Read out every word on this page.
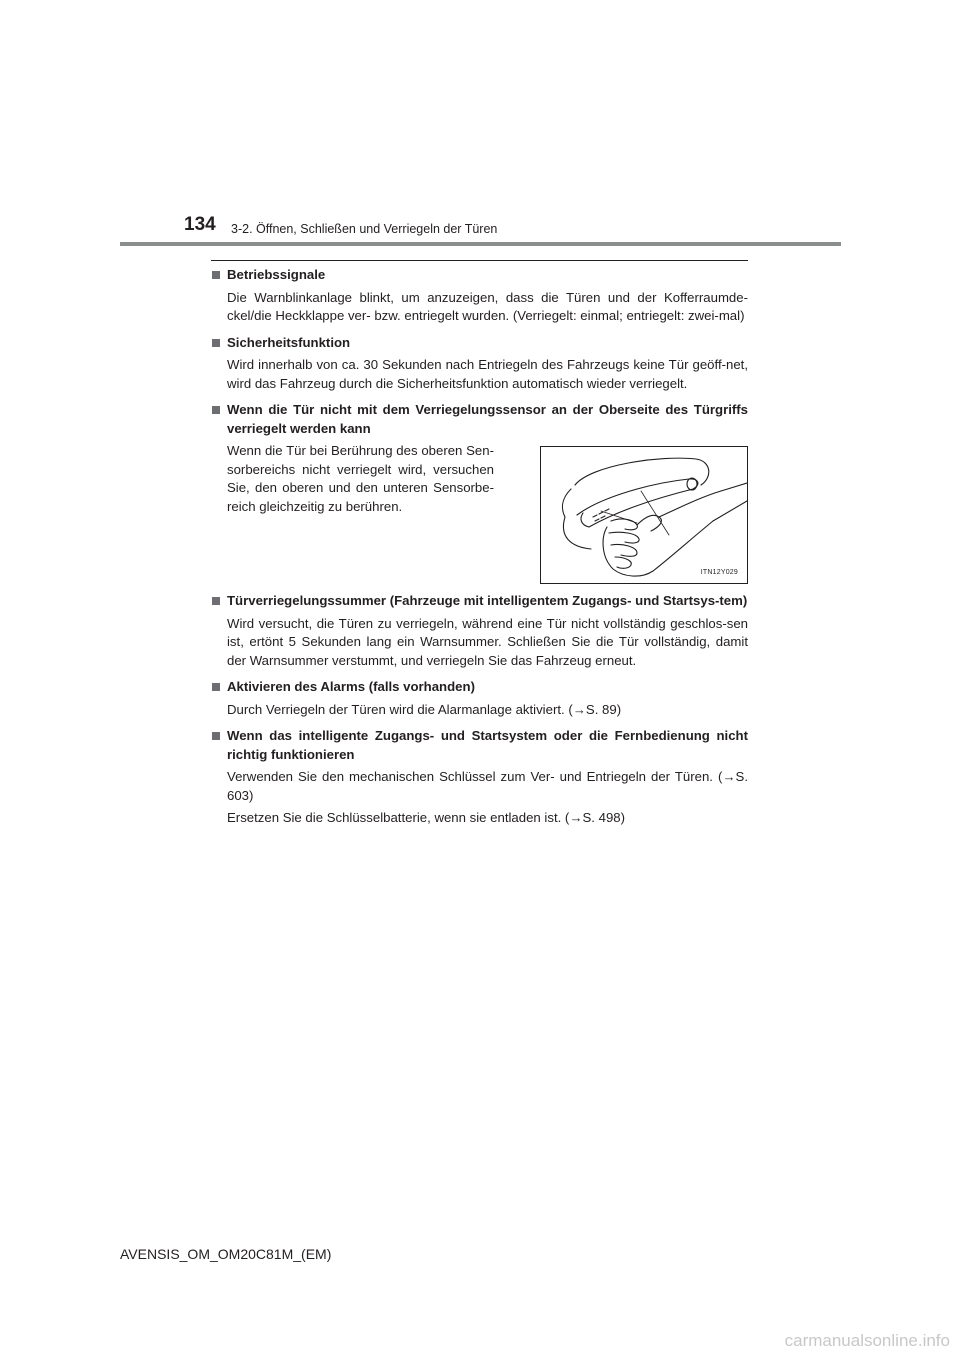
134 3-2. Öffnen, Schließen und Verriegeln der Türen
Betriebssignale
Die Warnblinkanlage blinkt, um anzuzeigen, dass die Türen und der Kofferraumde-ckel/die Heckklappe ver- bzw. entriegelt wurden. (Verriegelt: einmal; entriegelt: zwei-mal)
Sicherheitsfunktion
Wird innerhalb von ca. 30 Sekunden nach Entriegeln des Fahrzeugs keine Tür geöff-net, wird das Fahrzeug durch die Sicherheitsfunktion automatisch wieder verriegelt.
Wenn die Tür nicht mit dem Verriegelungssensor an der Oberseite des Türgriffs verriegelt werden kann
Wenn die Tür bei Berührung des oberen Sen-sorbereichs nicht verriegelt wird, versuchen Sie, den oberen und den unteren Sensorbe-reich gleichzeitig zu berühren.
ITN12Y029
Türverriegelungssummer (Fahrzeuge mit intelligentem Zugangs- und Startsys-tem)
Wird versucht, die Türen zu verriegeln, während eine Tür nicht vollständig geschlos-sen ist, ertönt 5 Sekunden lang ein Warnsummer. Schließen Sie die Tür vollständig, damit der Warnsummer verstummt, und verriegeln Sie das Fahrzeug erneut.
Aktivieren des Alarms (falls vorhanden)
Durch Verriegeln der Türen wird die Alarmanlage aktiviert. (→S. 89)
Wenn das intelligente Zugangs- und Startsystem oder die Fernbedienung nicht richtig funktionieren
Verwenden Sie den mechanischen Schlüssel zum Ver- und Entriegeln der Türen. (→S. 603)
Ersetzen Sie die Schlüsselbatterie, wenn sie entladen ist. (→S. 498)
AVENSIS_OM_OM20C81M_(EM)
carmanualsonline.info
